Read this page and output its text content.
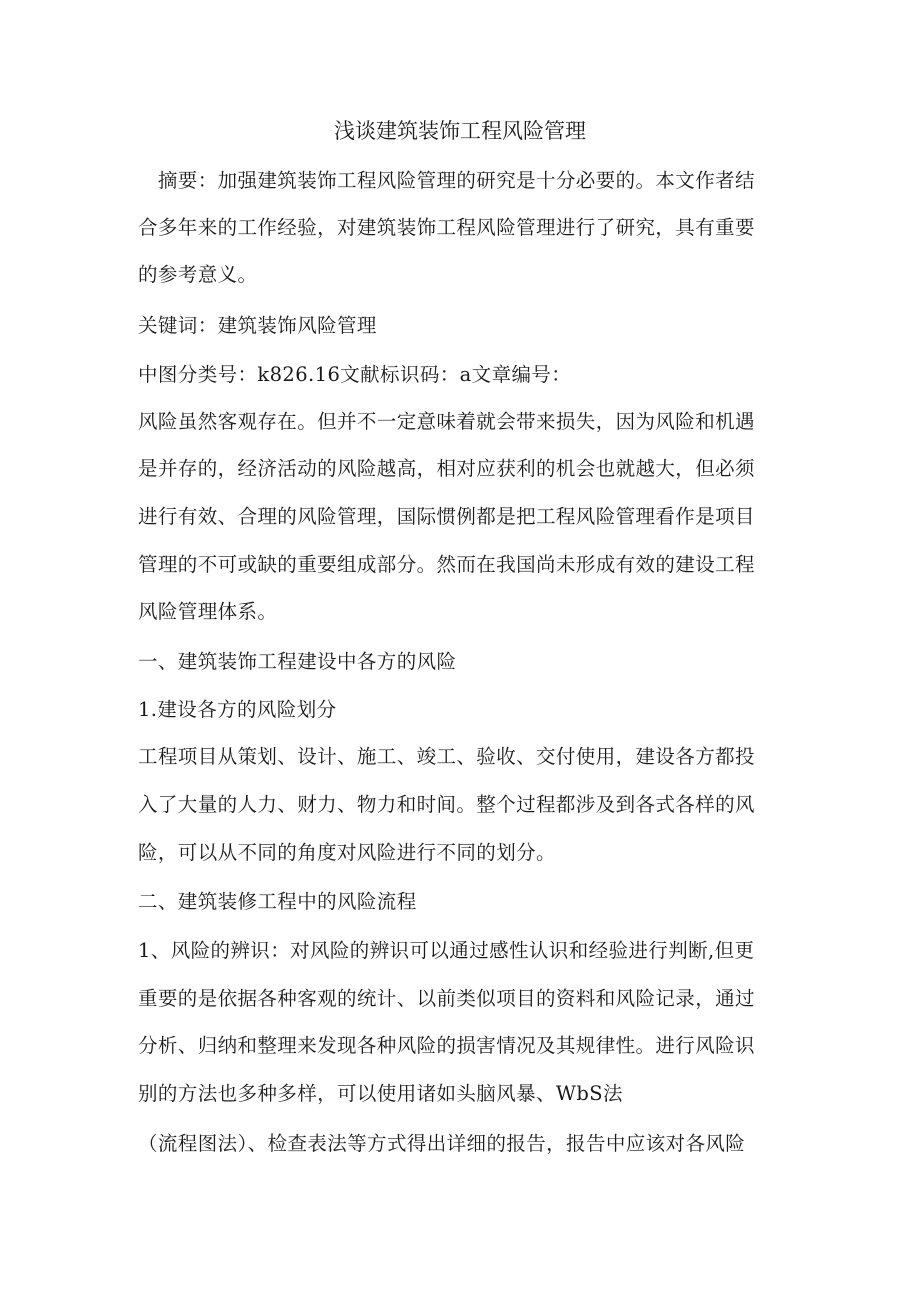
浅谈建筑装饰工程风险管理
　摘要：加强建筑装饰工程风险管理的研究是十分必要的。本文作者结
合多年来的工作经验，对建筑装饰工程风险管理进行了研究，具有重要
的参考意义。
关键词：建筑装饰风险管理
中图分类号：k826.16文献标识码：a文章编号：
风险虽然客观存在。但并不一定意味着就会带来损失，因为风险和机遇
是并存的，经济活动的风险越高，相对应获利的机会也就越大，但必须
进行有效、合理的风险管理，国际惯例都是把工程风险管理看作是项目
管理的不可或缺的重要组成部分。然而在我国尚未形成有效的建设工程
风险管理体系。
一、建筑装饰工程建设中各方的风险
1.建设各方的风险划分
工程项目从策划、设计、施工、竣工、验收、交付使用，建设各方都投
入了大量的人力、财力、物力和时间。整个过程都涉及到各式各样的风
险，可以从不同的角度对风险进行不同的划分。
二、建筑装修工程中的风险流程
1、风险的辨识：对风险的辨识可以通过感性认识和经验进行判断,但更
重要的是依据各种客观的统计、以前类似项目的资料和风险记录，通过
分析、归纳和整理来发现各种风险的损害情况及其规律性。进行风险识
别的方法也多种多样，可以使用诸如头脑风暴、WbS法
（流程图法）、检查表法等方式得出详细的报告，报告中应该对各风险
